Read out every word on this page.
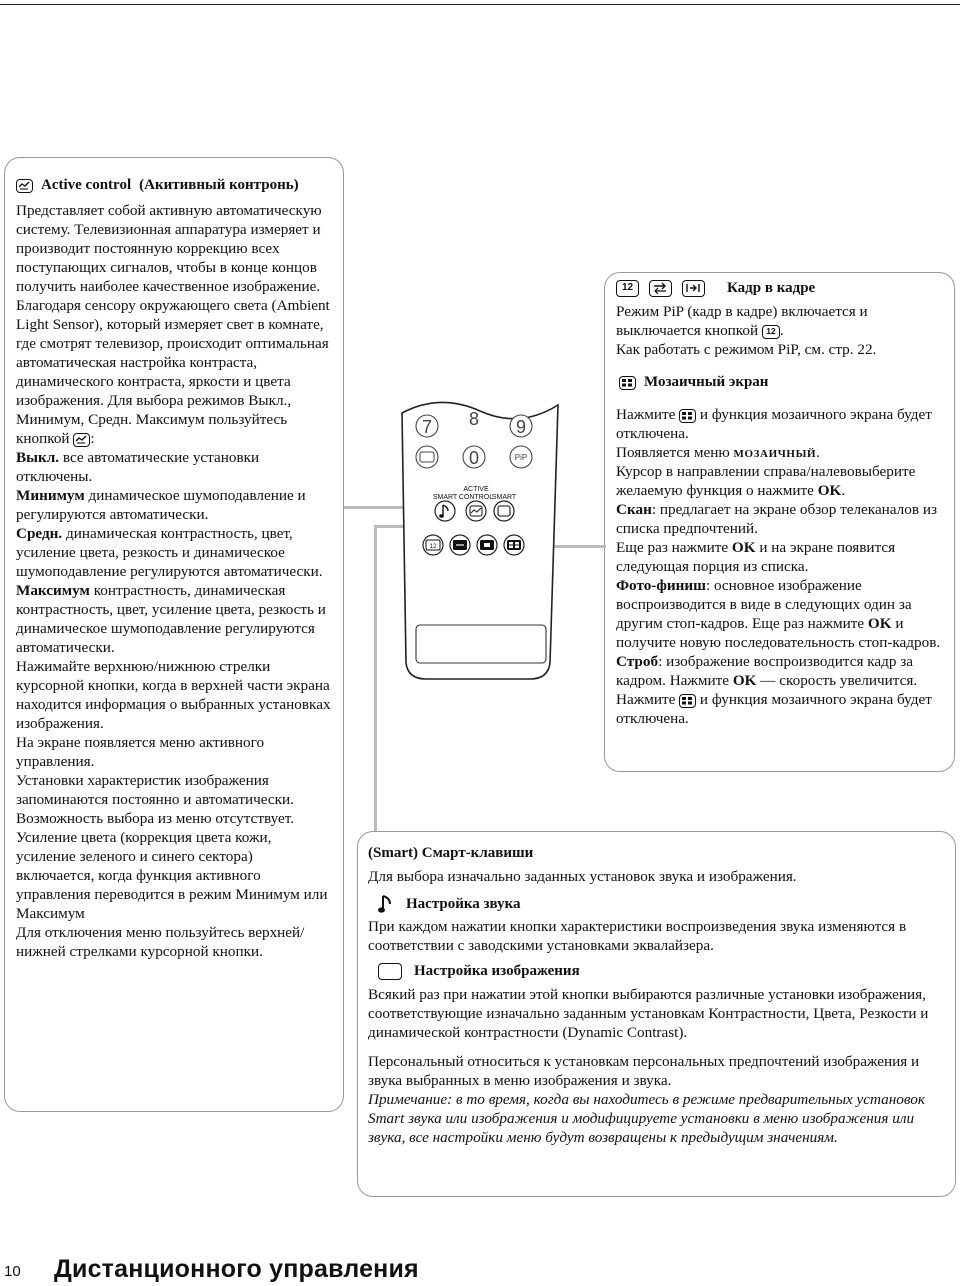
Active control (Акитивный контронь)

Представляет собой активную автоматическую систему. Телевизионная аппаратура измеряет и производит постоянную коррекцию всех поступающих сигналов, чтобы в конце концов получить наиболее качественное изображение. Благодаря сенсору окружающего света (Ambient Light Sensor), который измеряет свет в комнате, где смотрят телевизор, происходит оптимальная автоматическая настройка контраста, динамического контраста, яркости и цвета изображения. Для выбора режимов Выкл., Минимум, Средн. Максимум пользуйтесь кнопкой :

Выкл. все автоматические установки отключены.

Минимум динамическое шумоподавление и регулируются автоматически.

Средн. динамическая контрастность, цвет, усиление цвета, резкость и динамическое шумоподавление регулируются автоматически.

Максимум контрастность, динамическая контрастность, цвет, усиление цвета, резкость и динамическое шумоподавление регулируются автоматически.

Нажимайте верхнюю/нижнюю стрелки курсорной кнопки, когда в верхней части экрана находится информация о выбранных установках изображения.

На экране появляется меню активного управления.

Установки характеристик изображения запоминаются постоянно и автоматически.

Возможность выбора из меню отсутствует.

Усиление цвета (коррекция цвета кожи, усиление зеленого и синего сектора) включается, когда функция активного управления переводится в режим Минимум или Максимум

Для отключения меню пользуйтесь верхней/нижней стрелками курсорной кнопки.

12	Кадр в кадре

Режим PiP (кадр в кадре) включается и выключается кнопкой 12 .

Как работать с режимом PiP, см. стр. 22.

Мозаичный экран

Нажмите и функция мозаичного экрана будет отключена.

Появляется меню мозаичный.

Курсор в направлении справа/налевовыберите желаемую функция о нажмите OK.

Скан: предлагает на экране обзор телеканалов из списка предпочтений.

Еще раз нажмите OK и на экране появится следующая порция из списка.

Фото-финиш: основное изображение воспроизводится в виде в следующих один за другим стоп-кадров. Еще раз нажмите OK и получите новую последовательность стоп-кадров.

Строб: изображение воспроизводится кадр за кадром. Нажмите OK — скорость увеличится.

Нажмите и функция мозаичного экрана будет отключена.

7 8 9
0	PiP
ACTIVE
SMART CONTROL
SMART
12
(Smart) Смарт-клавиши

Для выбора изначально заданных установок звука и изображения.

Настройка звука

При каждом нажатии кнопки характеристики воспроизведения звука изменяются в соответствии с заводскими установками эквалайзера.

Настройка изображения

Всякий раз при нажатии этой кнопки выбираются различные установки изображения, соответствующие изначально заданным установкам Контрастности, Цвета, Резкости и динамической контрастности (Dynamic Contrast).

Персональный относиться к установкам персональных предпочтений изображения и звука выбранных в меню изображения и звука.

Примечание: в то время, когда вы находитесь в режиме предварительных установок Smart звука или изображения и модифицируете установки в меню изображения или звука, все настройки меню будут возвращены к предыдущим значениям.

10 Дистанционного управления
